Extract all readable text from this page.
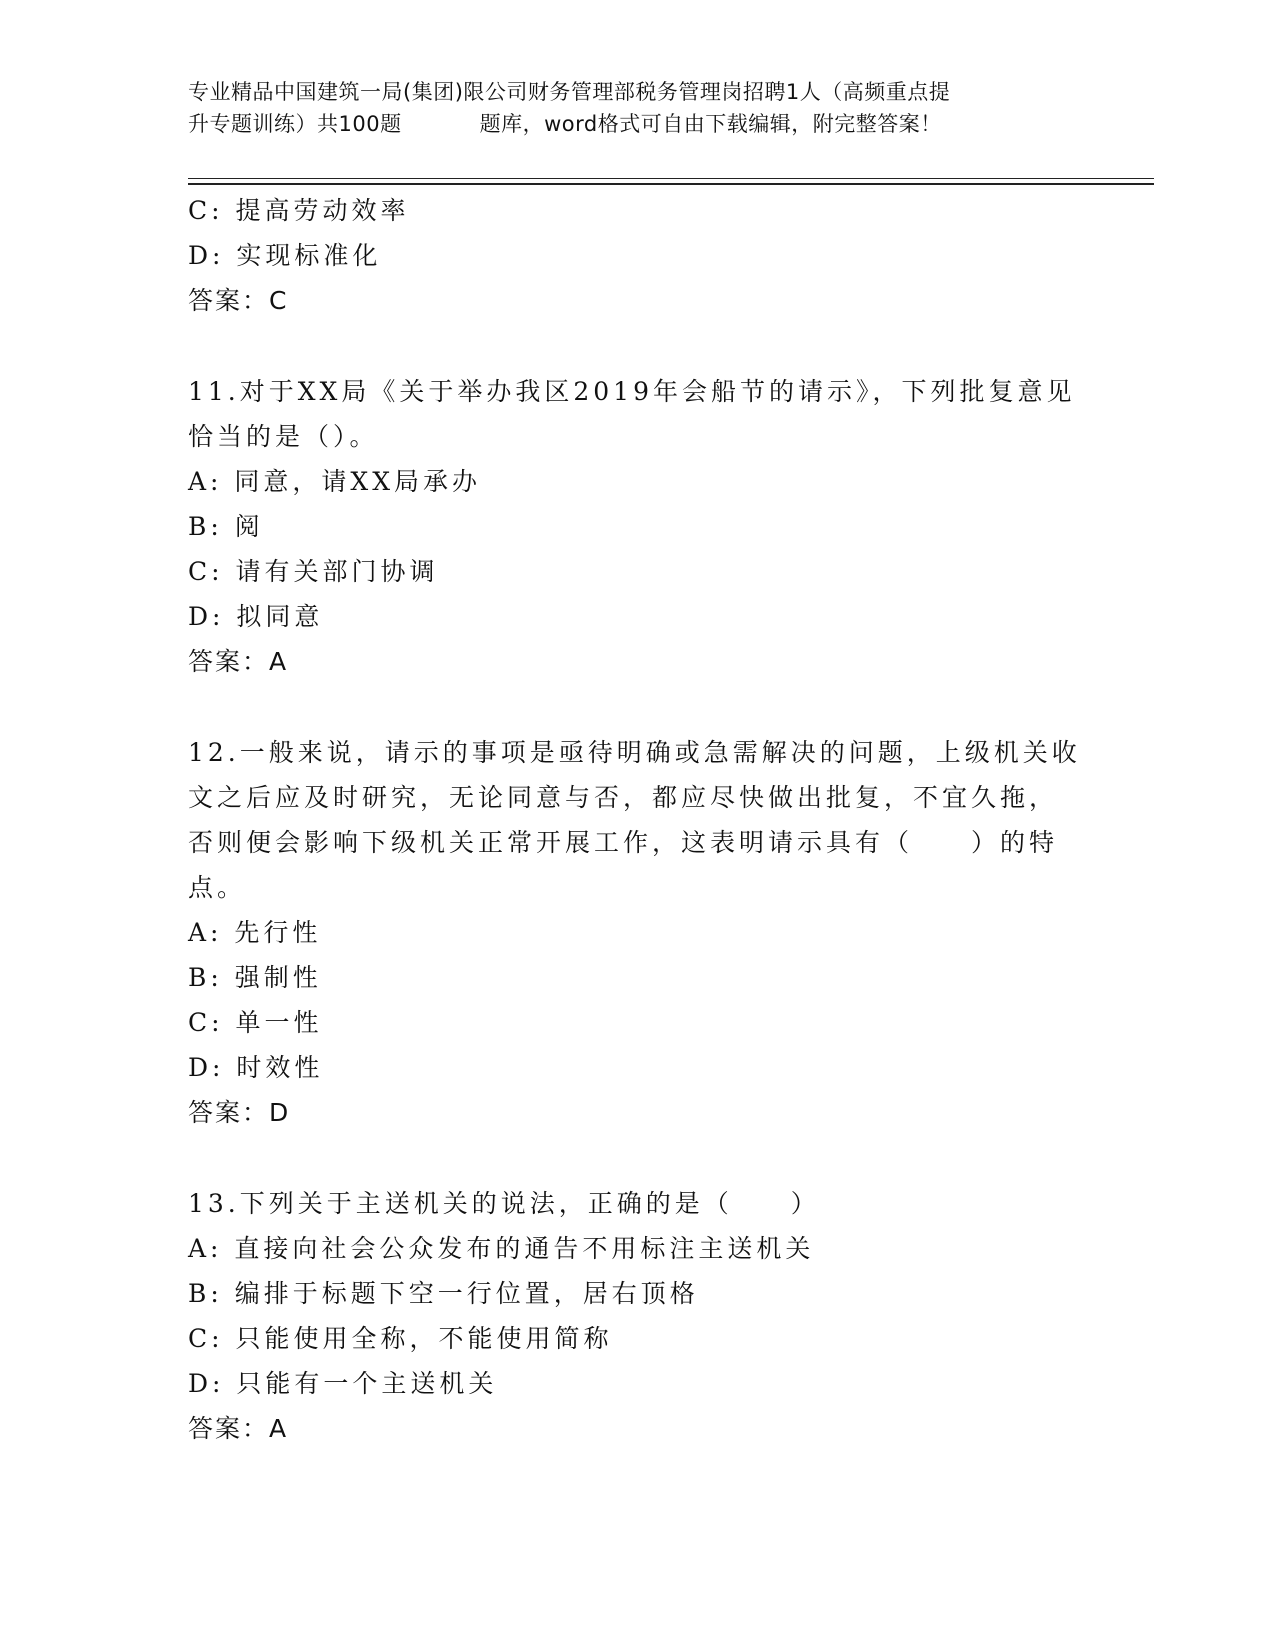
专业精品中国建筑一局(集团)限公司财务管理部税务管理岗招聘1人（高频重点提
升专题训练）共100题	题库，word格式可自由下载编辑，附完整答案！
C: 提高劳动效率
D: 实现标准化
答案：C
11.对于XX局《关于举办我区2019年会船节的请示》，下列批复意见
恰当的是（）。
A: 同意，请XX局承办
B: 阅
C: 请有关部门协调
D: 拟同意
答案：A
12.一般来说，请示的事项是亟待明确或急需解决的问题，上级机关收
文之后应及时研究，无论同意与否，都应尽快做出批复，不宜久拖，
否则便会影响下级机关正常开展工作，这表明请示具有（　　）的特
点。
A: 先行性
B: 强制性
C: 单一性
D: 时效性
答案：D
13.下列关于主送机关的说法，正确的是（　　）
A: 直接向社会公众发布的通告不用标注主送机关
B: 编排于标题下空一行位置，居右顶格
C: 只能使用全称，不能使用简称
D: 只能有一个主送机关
答案：A
